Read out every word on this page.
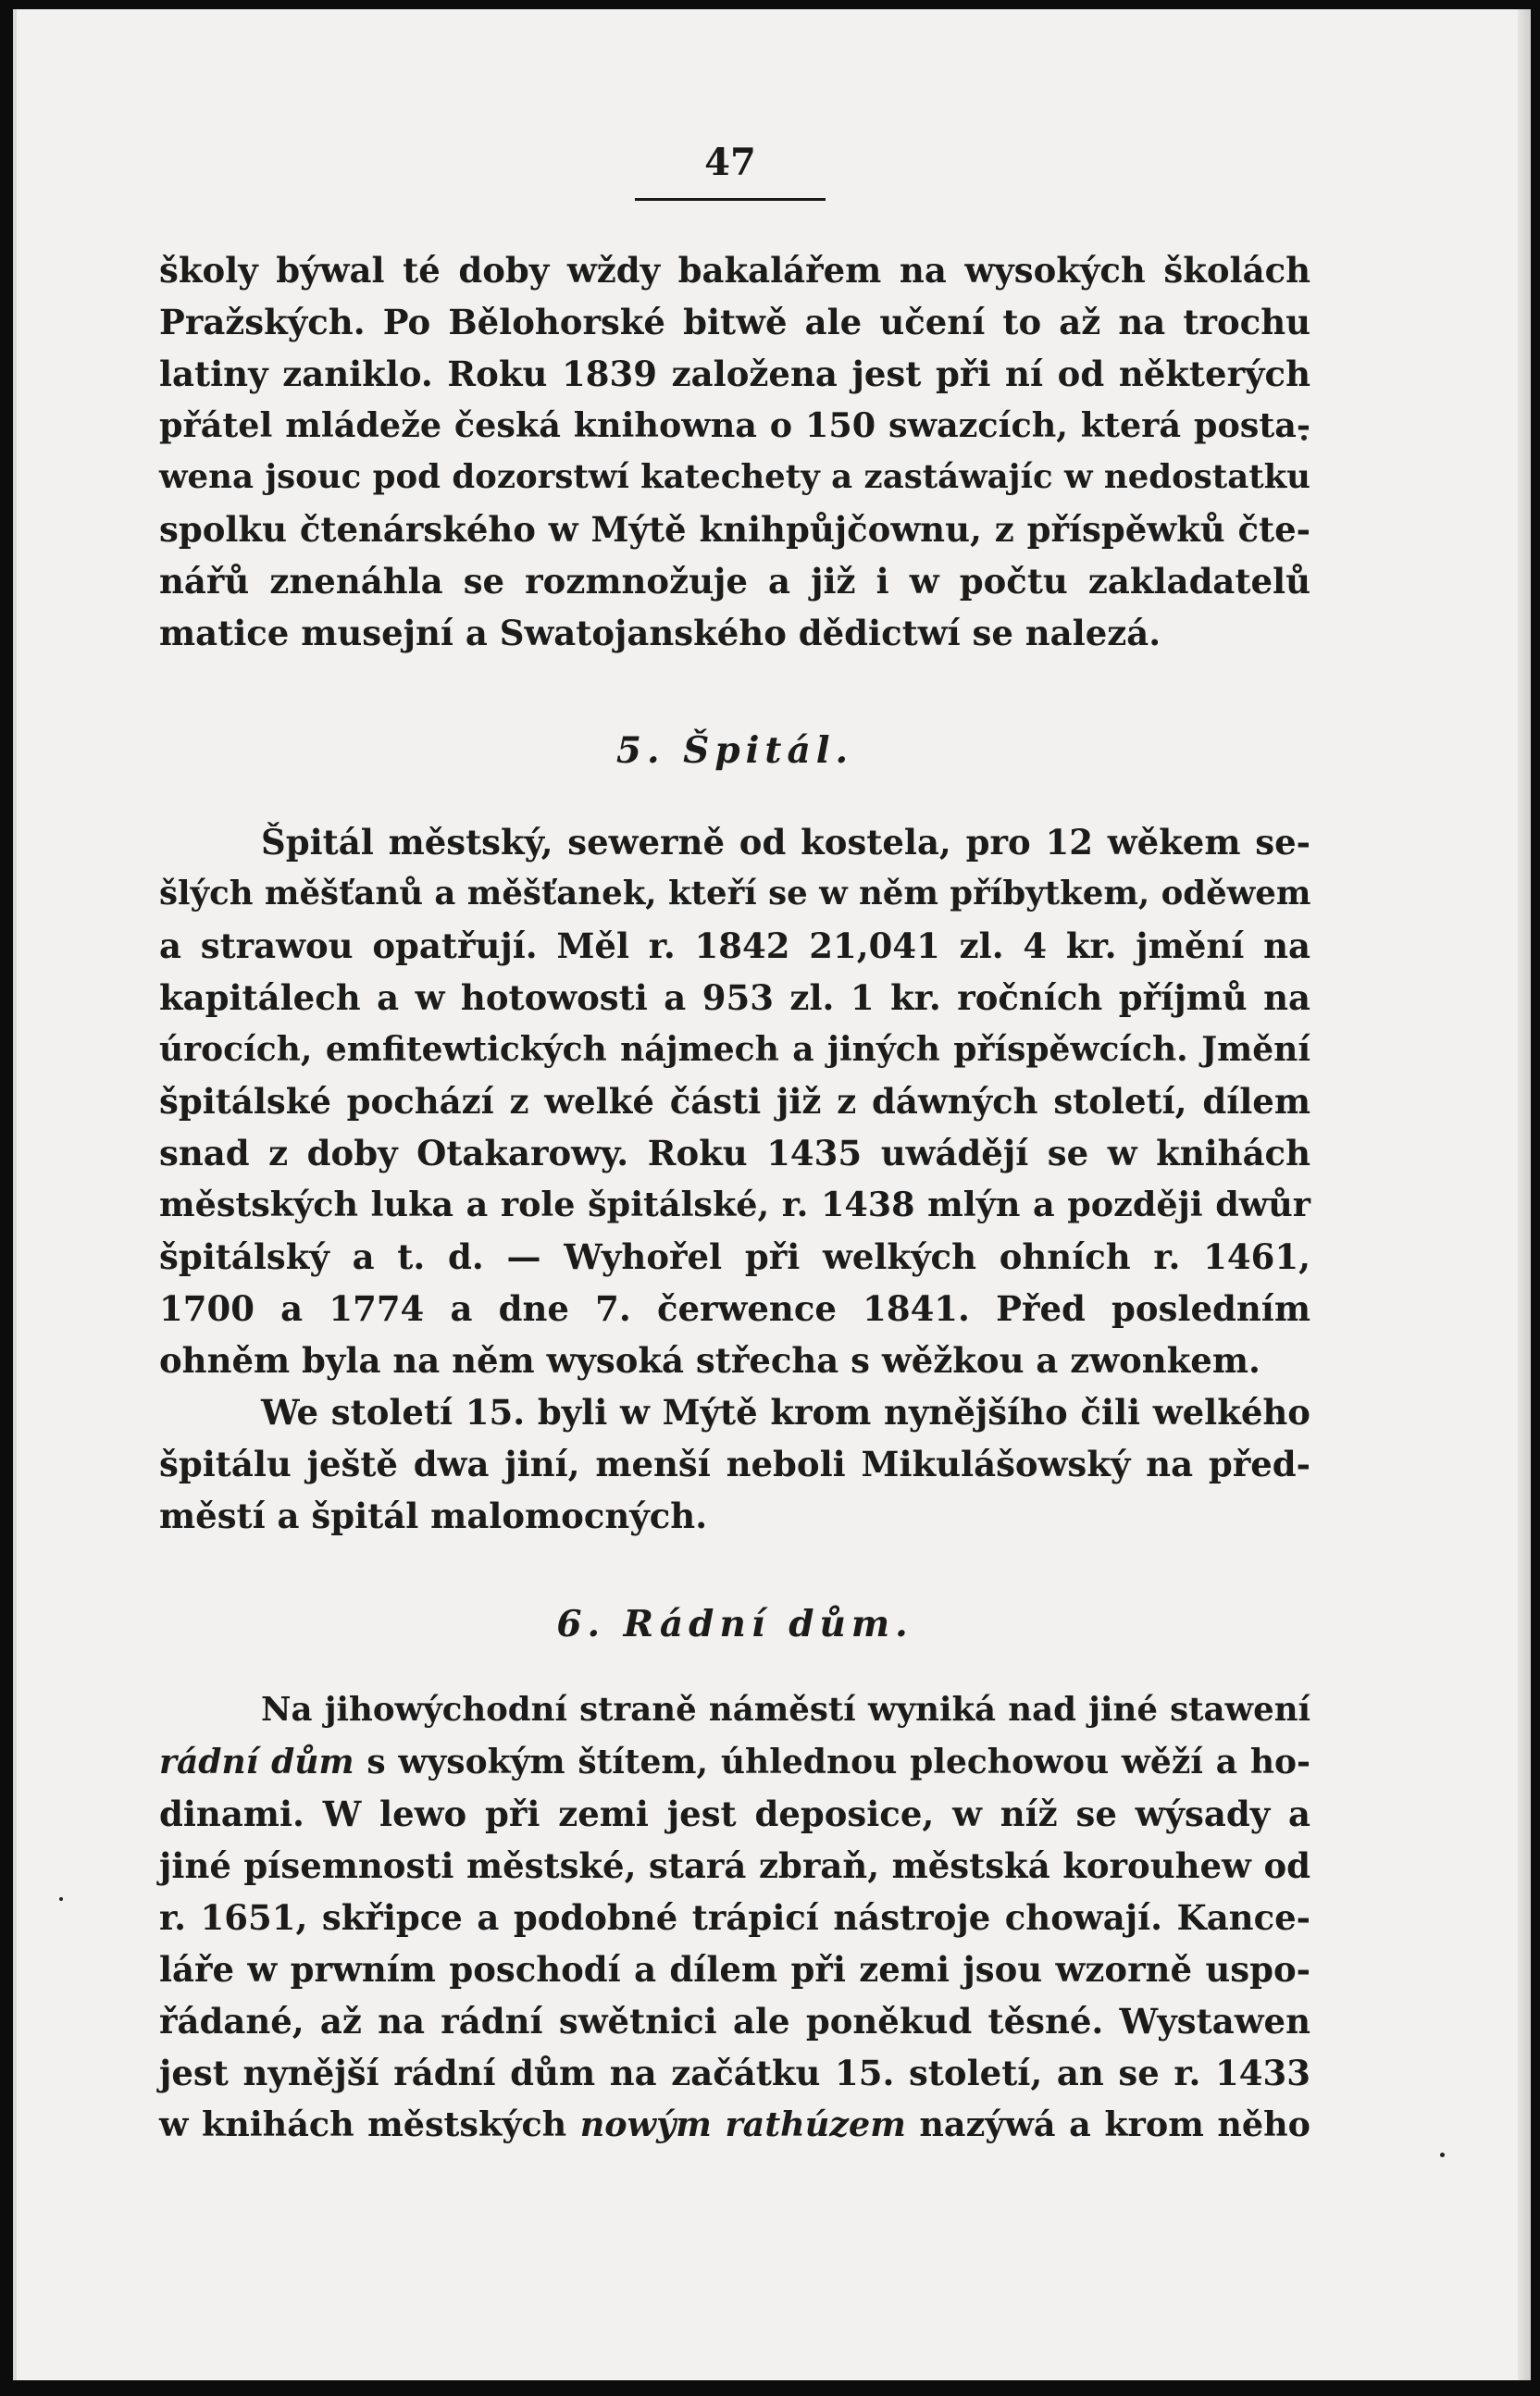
47
školy býwal té doby wždy bakalářem na wysokých školách
Pražských. Po Bělohorské bitwě ale učení to až na trochu
latiny zaniklo. Roku 1839 založena jest při ní od některých
přátel mládeže česká knihowna o 150 swazcích, která posta-
wena jsouc pod dozorstwí katechety a zastáwajíc w nedostatku
spolku čtenárského w Mýtě knihpůjčownu, z příspěwků čte-
nářů znenáhla se rozmnožuje a již i w počtu zakladatelů
matice musejní a Swatojanského dědictwí se nalezá.
5. Špitál.
Špitál městský, sewerně od kostela, pro 12 wěkem se-
šlých měšťanů a měšťanek, kteří se w něm příbytkem, oděwem
a strawou opatřují. Měl r. 1842 21,041 zl. 4 kr. jmění na
kapitálech a w hotowosti a 953 zl. 1 kr. ročních příjmů na
úrocích, emfitewtických nájmech a jiných příspěwcích. Jmění
špitálské pochází z welké části již z dáwných století, dílem
snad z doby Otakarowy. Roku 1435 uwádějí se w knihách
městských luka a role špitálské, r. 1438 mlýn a později dwůr
špitálský a t. d. — Wyhořel při welkých ohních r. 1461,
1700 a 1774 a dne 7. čerwence 1841. Před posledním
ohněm byla na něm wysoká střecha s wěžkou a zwonkem.
We století 15. byli w Mýtě krom nynějšího čili welkého
špitálu ještě dwa jiní, menší neboli Mikulášowský na před-
městí a špitál malomocných.
6. Rádní dům.
Na jihowýchodní straně náměstí wyniká nad jiné stawení
rádní dům s wysokým štítem, úhlednou plechowou wěží a ho-
dinami. W lewo při zemi jest deposice, w níž se wýsady a
jiné písemnosti městské, stará zbraň, městská korouhew od
r. 1651, skřipce a podobné trápicí nástroje chowají. Kance-
láře w prwním poschodí a dílem při zemi jsou wzorně uspo-
řádané, až na rádní swětnici ale poněkud těsné. Wystawen
jest nynější rádní dům na začátku 15. století, an se r. 1433
w knihách městských nowým rathúzem nazýwá a krom něho
